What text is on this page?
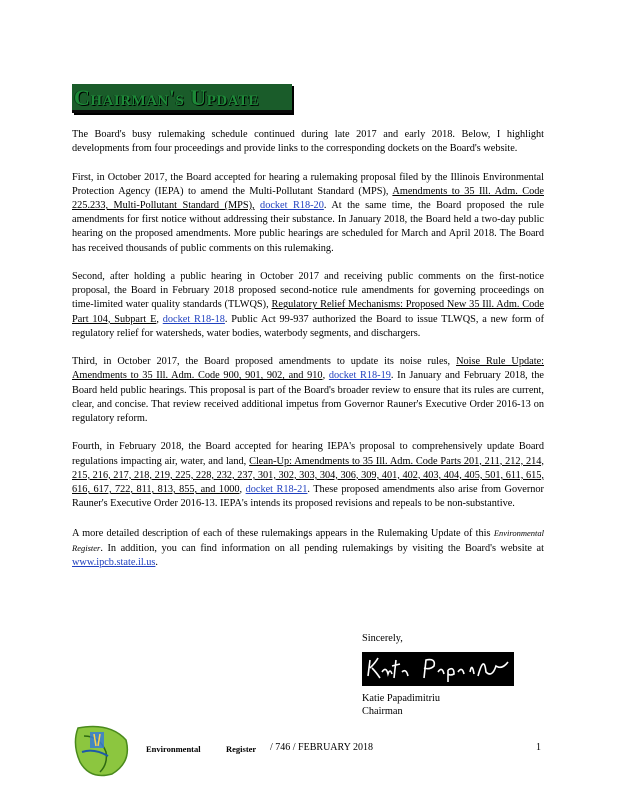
Chairman's Update

The Board's busy rulemaking schedule continued during late 2017 and early 2018. Below, I highlight developments from four proceedings and provide links to the corresponding dockets on the Board's website.

First, in October 2017, the Board accepted for hearing a rulemaking proposal filed by the Illinois Environmental Protection Agency (IEPA) to amend the Multi-Pollutant Standard (MPS), Amendments to 35 Ill. Adm. Code 225.233, Multi-Pollutant Standard (MPS), docket R18-20. At the same time, the Board proposed the rule amendments for first notice without addressing their substance. In January 2018, the Board held a two-day public hearing on the proposed amendments. More public hearings are scheduled for March and April 2018. The Board has received thousands of public comments on this rulemaking.

Second, after holding a public hearing in October 2017 and receiving public comments on the first-notice proposal, the Board in February 2018 proposed second-notice rule amendments for governing proceedings on time-limited water quality standards (TLWQS), Regulatory Relief Mechanisms: Proposed New 35 Ill. Adm. Code Part 104, Subpart E, docket R18-18. Public Act 99-937 authorized the Board to issue TLWQS, a new form of regulatory relief for watersheds, water bodies, waterbody segments, and dischargers.

Third, in October 2017, the Board proposed amendments to update its noise rules, Noise Rule Update: Amendments to 35 Ill. Adm. Code 900, 901, 902, and 910, docket R18-19. In January and February 2018, the Board held public hearings. This proposal is part of the Board's broader review to ensure that its rules are current, clear, and concise. That review received additional impetus from Governor Rauner's Executive Order 2016-13 on regulatory reform.

Fourth, in February 2018, the Board accepted for hearing IEPA's proposal to comprehensively update Board regulations impacting air, water, and land, Clean-Up: Amendments to 35 Ill. Adm. Code Parts 201, 211, 212, 214, 215, 216, 217, 218, 219, 225, 228, 232, 237, 301, 302, 303, 304, 306, 309, 401, 402, 403, 404, 405, 501, 611, 615, 616, 617, 722, 811, 813, 855, and 1000, docket R18-21. These proposed amendments also arise from Governor Rauner's Executive Order 2016-13. IEPA's intends its proposed revisions and repeals to be non-substantive.

A more detailed description of each of these rulemakings appears in the Rulemaking Update of this Environmental Register. In addition, you can find information on all pending rulemakings by visiting the Board's website at www.ipcb.state.il.us.

Sincerely,
Katie Papadimitriu
Chairman
Environmental	Register / 746 / FEBRUARY 2018	1
